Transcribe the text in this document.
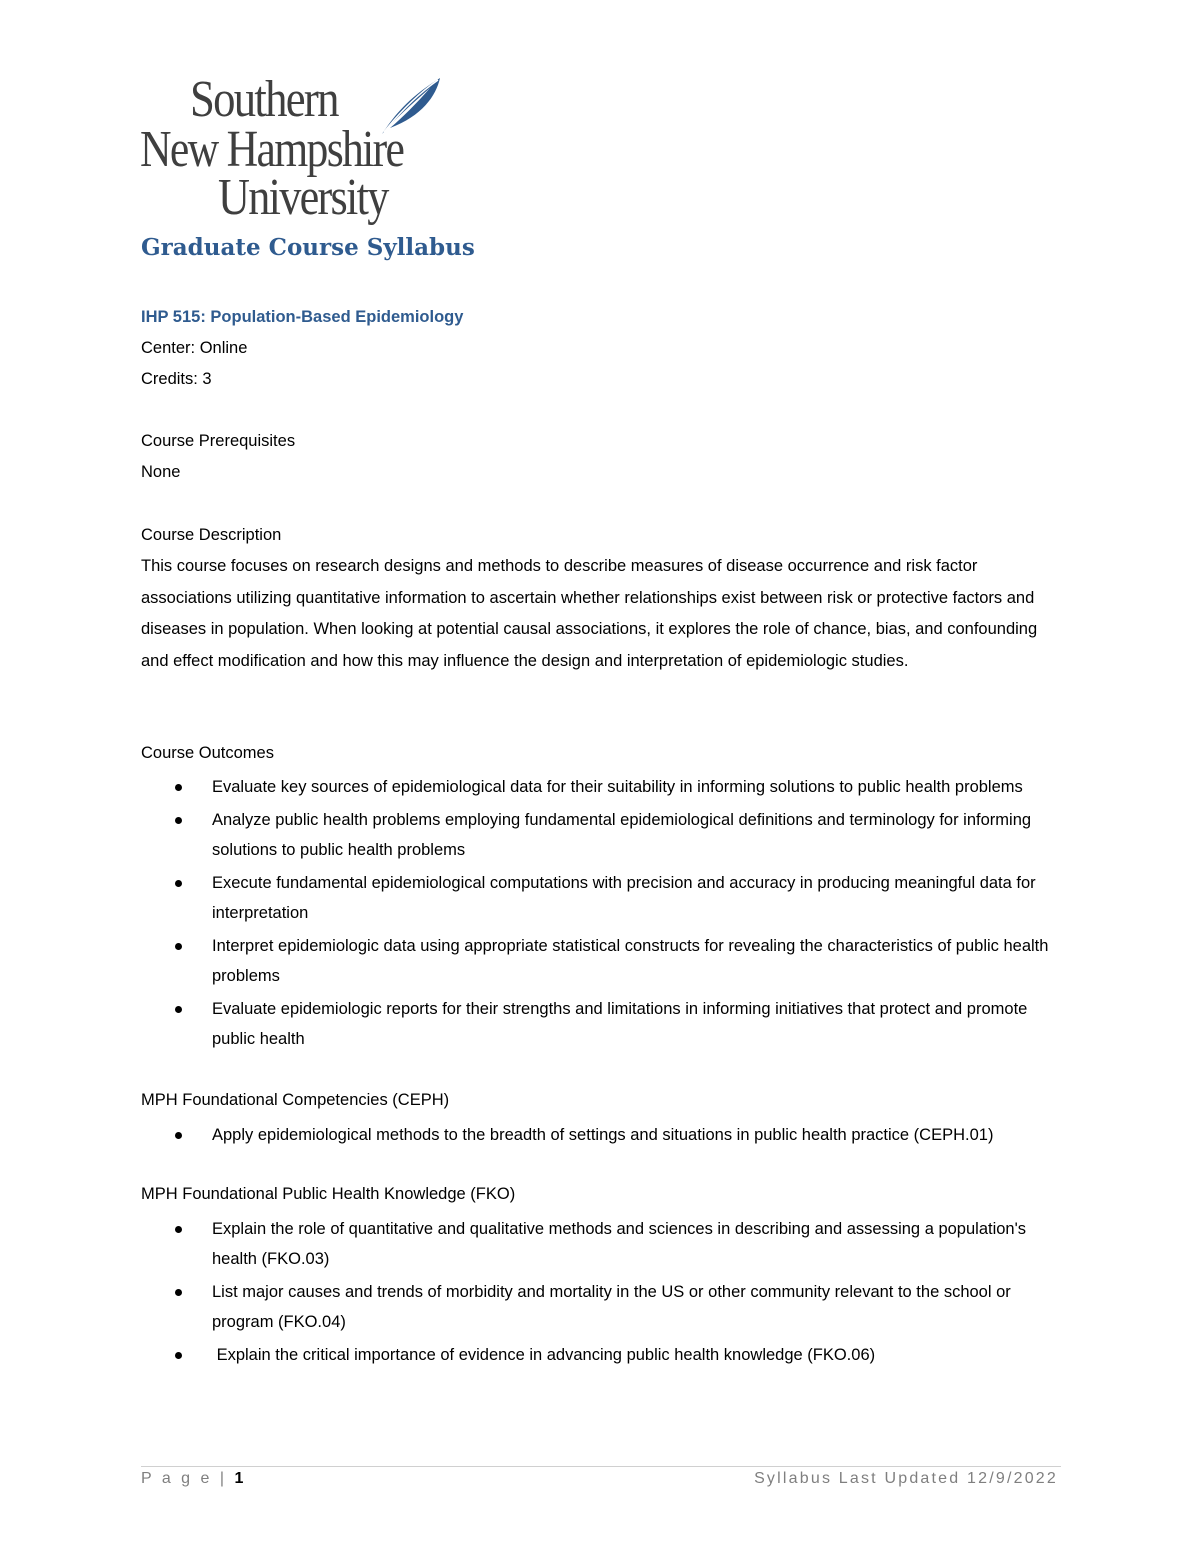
Southern
New Hampshire
University
Graduate Course Syllabus
IHP 515: Population-Based Epidemiology
Center: Online
Credits: 3
Course Prerequisites
None
Course Description

This course focuses on research designs and methods to describe measures of disease occurrence and risk factor associations utilizing quantitative information to ascertain whether relationships exist between risk or protective factors and diseases in population. When looking at potential causal associations, it explores the role of chance, bias, and confounding and effect modification and how this may influence the design and interpretation of epidemiologic studies.

Course Outcomes
Evaluate key sources of epidemiological data for their suitability in informing solutions to public health problems
Analyze public health problems employing fundamental epidemiological definitions and terminology for informing solutions to public health problems
Execute fundamental epidemiological computations with precision and accuracy in producing meaningful data for interpretation
Interpret epidemiologic data using appropriate statistical constructs for revealing the characteristics of public health problems
Evaluate epidemiologic reports for their strengths and limitations in informing initiatives that protect and promote public health
MPH Foundational Competencies (CEPH)
Apply epidemiological methods to the breadth of settings and situations in public health practice (CEPH.01)
MPH Foundational Public Health Knowledge (FKO)
Explain the role of quantitative and qualitative methods and sciences in describing and assessing a population's health (FKO.03)
List major causes and trends of morbidity and mortality in the US or other community relevant to the school or program (FKO.04)
Explain the critical importance of evidence in advancing public health knowledge (FKO.06)
P a g e | 1	Syllabus Last Updated 12/9/2022
